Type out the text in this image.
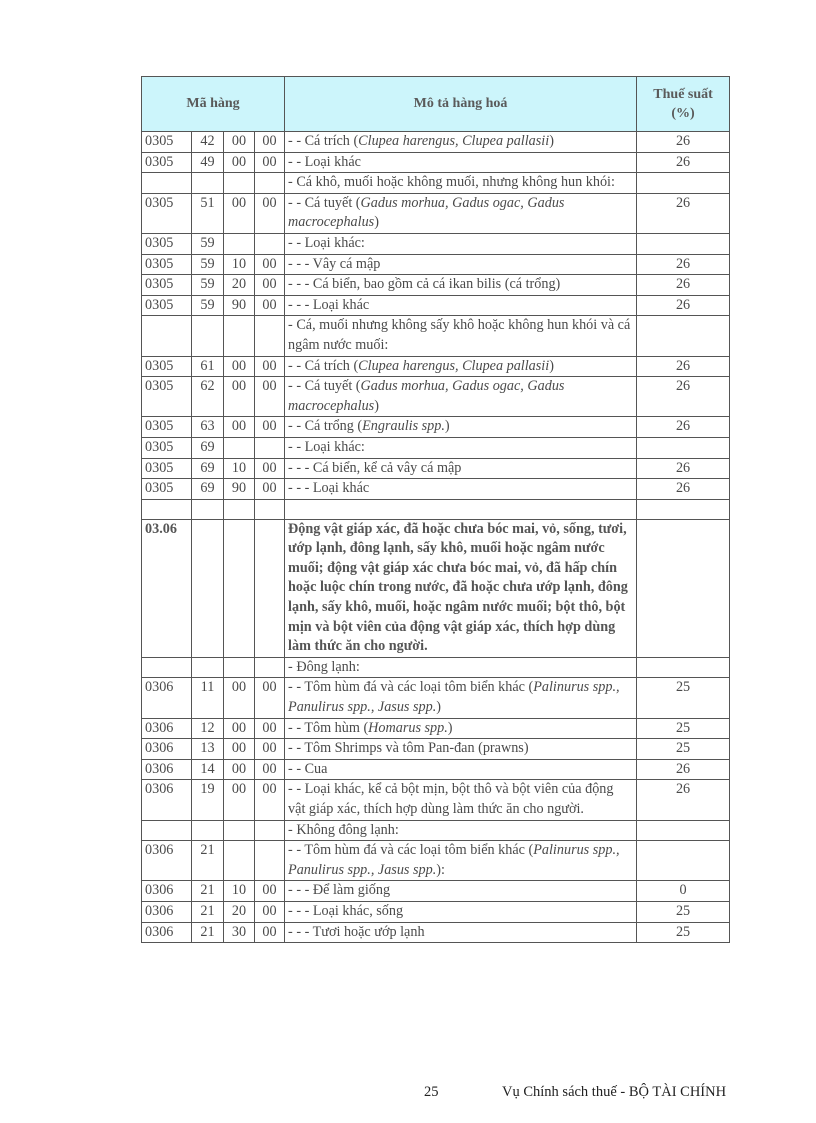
Mã hàng				Mô tả hàng hoá	Thuế suất
(%)
0305	42	00	00	- - Cá trích (Clupea harengus, Clupea pallasii)	26
0305	49	00	00	- - Loại khác	26
				- Cá khô, muối hoặc không muối, nhưng không hun khói:	
0305	51	00	00	- - Cá tuyết (Gadus morhua, Gadus ogac, Gadus macrocephalus)	26
0305	59			- - Loại khác:	
0305	59	10	00	- - - Vây cá mập	26
0305	59	20	00	- - - Cá biển, bao gồm cả cá ikan bilis (cá trổng)	26
0305	59	90	00	- - - Loại khác	26
				- Cá, muối nhưng không sấy khô hoặc không hun khói và cá ngâm nước muối:	
0305	61	00	00	- - Cá trích (Clupea harengus, Clupea pallasii)	26
0305	62	00	00	- - Cá tuyết (Gadus morhua, Gadus ogac, Gadus macrocephalus)	26
0305	63	00	00	- - Cá trổng (Engraulis spp.)	26
0305	69			- - Loại khác:	
0305	69	10	00	- - - Cá biển, kể cả vây cá mập	26
0305	69	90	00	- - - Loại khác	26

03.06				Động vật giáp xác, đã hoặc chưa bóc mai, vỏ, sống, tươi, ướp lạnh, đông lạnh, sấy khô, muối hoặc ngâm nước muối; động vật giáp xác chưa bóc mai, vỏ, đã hấp chín hoặc luộc chín trong nước, đã hoặc chưa ướp lạnh, đông lạnh, sấy khô, muối, hoặc ngâm nước muối; bột thô, bột mịn và bột viên của động vật giáp xác, thích hợp dùng làm thức ăn cho người.	
				- Đông lạnh:	
0306	11	00	00	- - Tôm hùm đá và các loại tôm biển khác (Palinurus spp., Panulirus spp., Jasus spp.)	25
0306	12	00	00	- - Tôm hùm (Homarus spp.)	25
0306	13	00	00	- - Tôm Shrimps và tôm Pan-đan (prawns)	25
0306	14	00	00	- - Cua	26
0306	19	00	00	- - Loại khác, kể cả bột mịn, bột thô và bột viên của động vật giáp xác, thích hợp dùng làm thức ăn cho người.	26
				- Không đông lạnh:	
0306	21			- - Tôm hùm đá và các loại tôm biển khác (Palinurus spp., Panulirus spp., Jasus spp.):	
0306	21	10	00	- - - Để làm giống	0
0306	21	20	00	- - - Loại khác, sống	25
0306	21	30	00	- - - Tươi hoặc ướp lạnh	25
25	Vụ Chính sách thuế - BỘ TÀI CHÍNH
